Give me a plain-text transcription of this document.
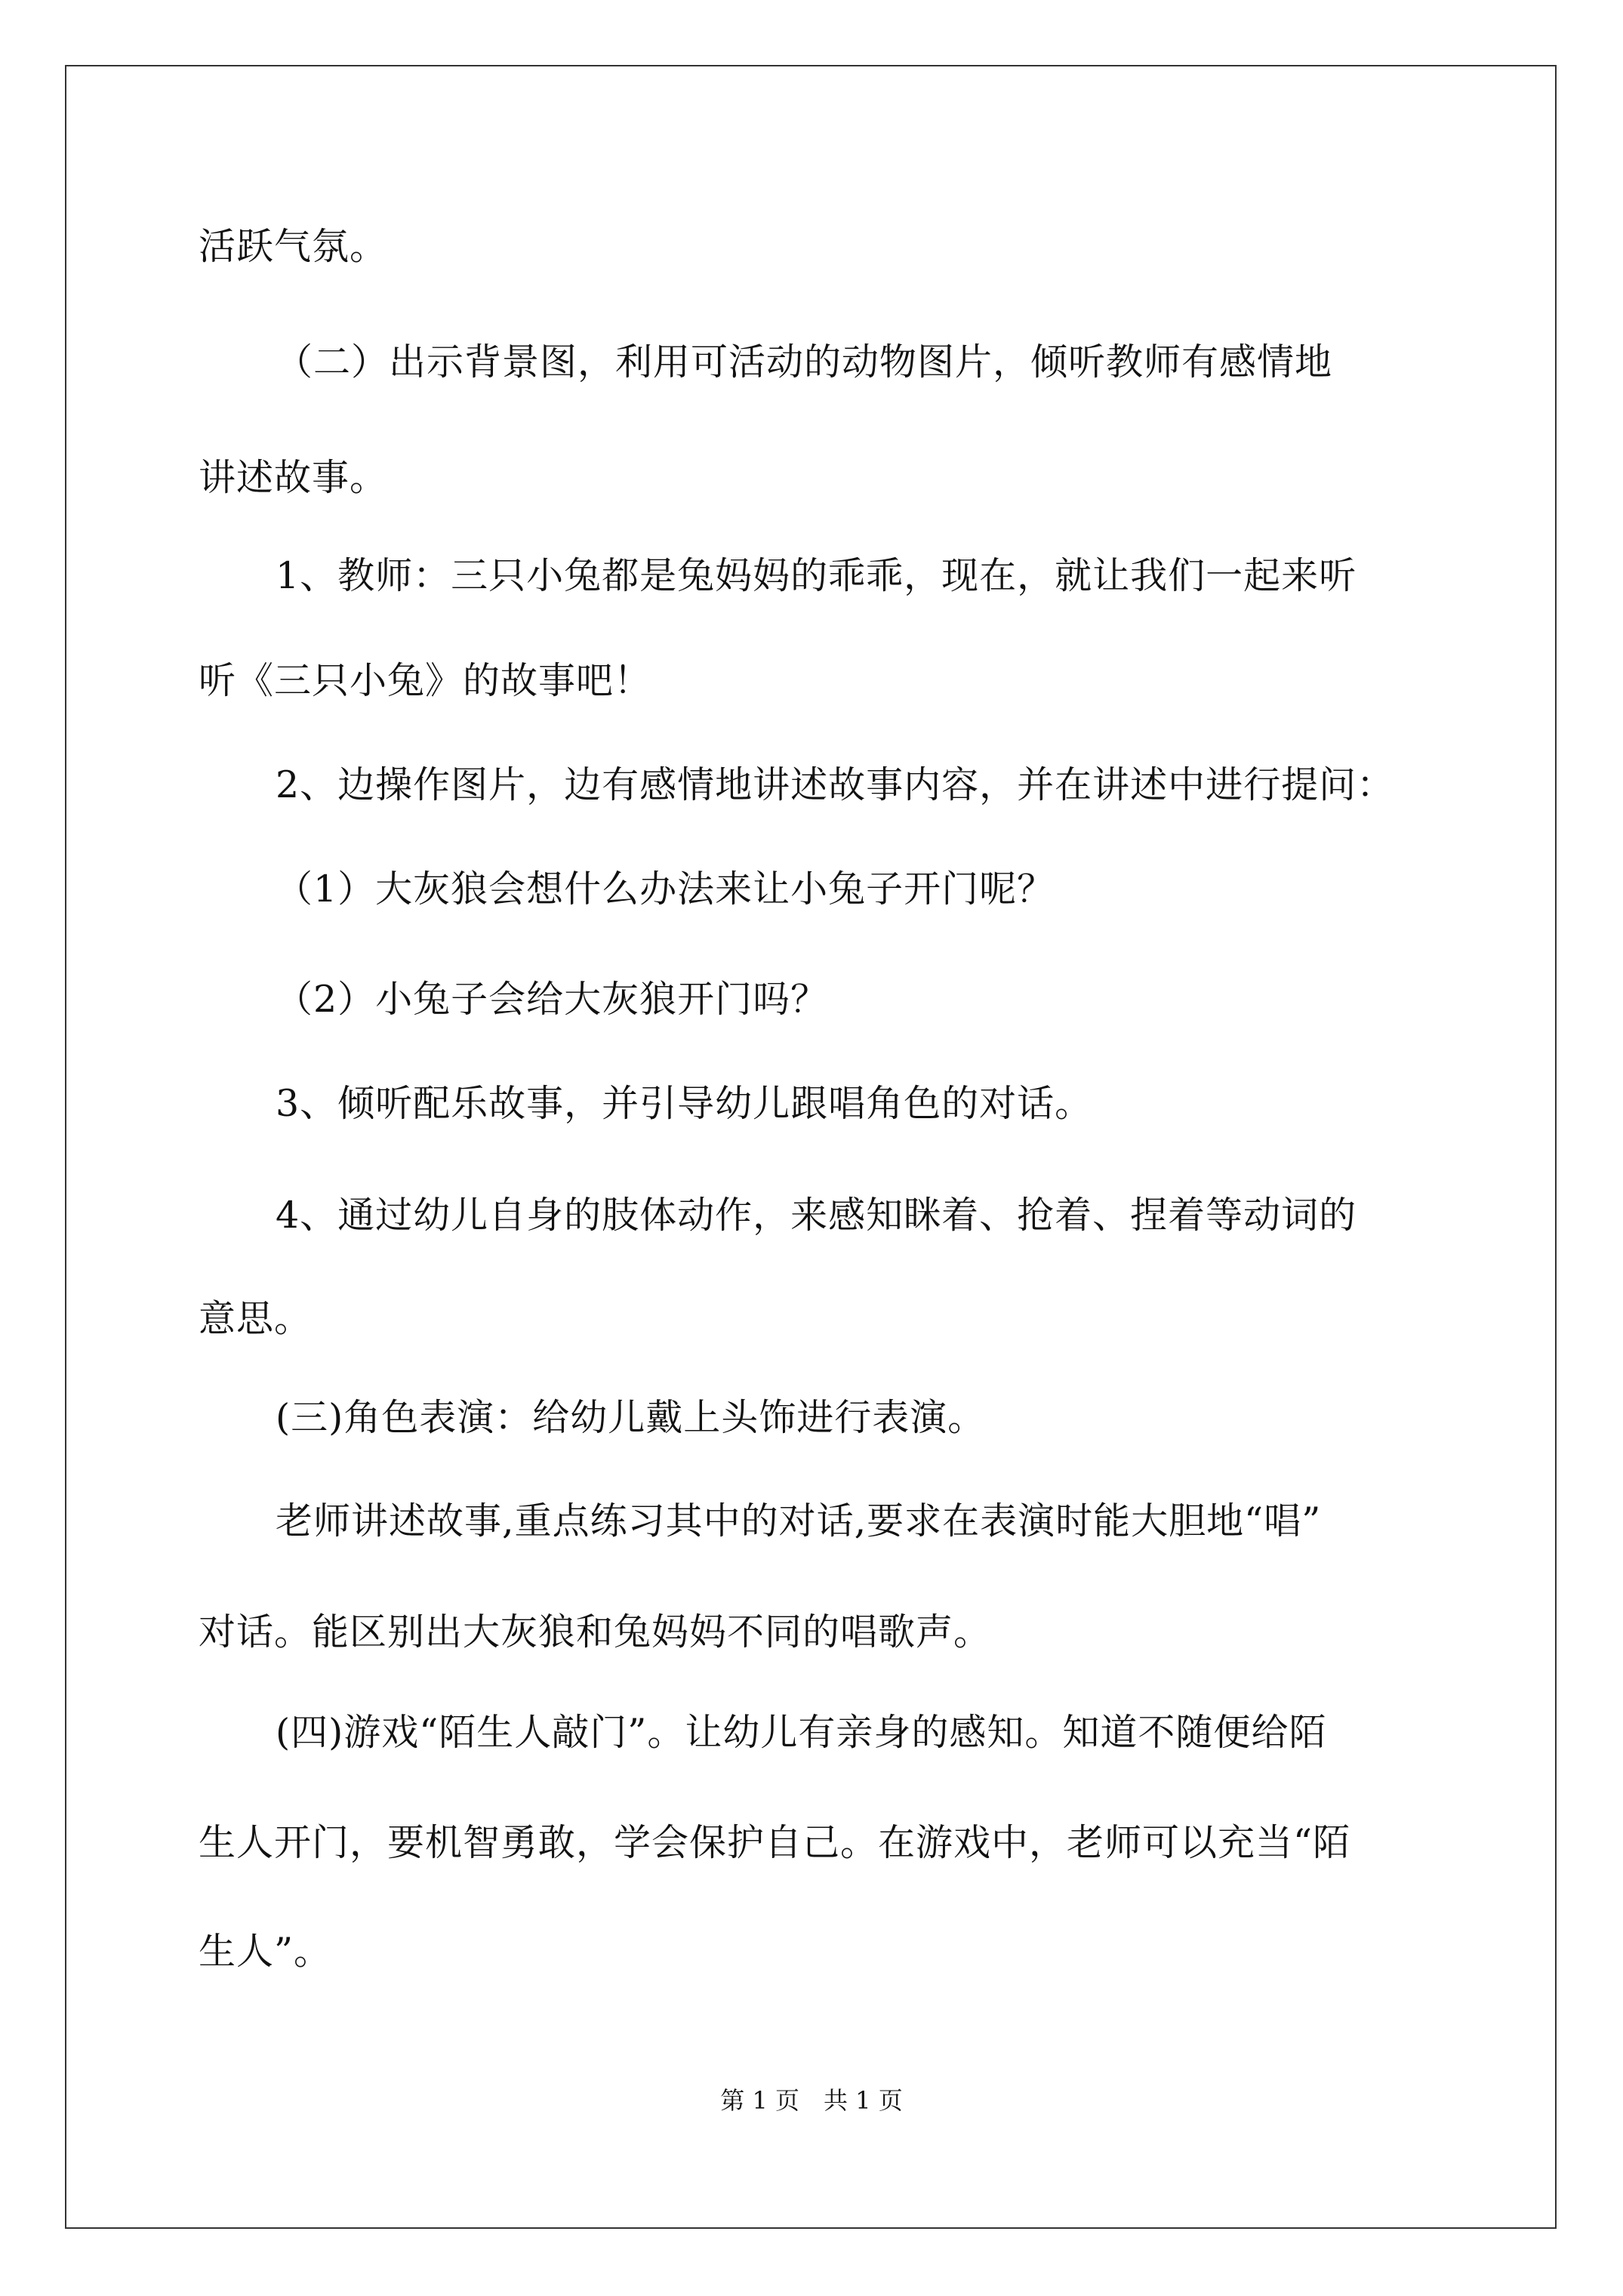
活跃气氛。
（二）出示背景图，利用可活动的动物图片，倾听教师有感情地
讲述故事。
1、教师：三只小兔都是兔妈妈的乖乖，现在，就让我们一起来听
听《三只小兔》的故事吧！
2、边操作图片，边有感情地讲述故事内容，并在讲述中进行提问：
（1）大灰狼会想什么办法来让小兔子开门呢？
（2）小兔子会给大灰狼开门吗？
3、倾听配乐故事，并引导幼儿跟唱角色的对话。
4、通过幼儿自身的肢体动作，来感知眯着、抢着、捏着等动词的
意思。
(三)角色表演：给幼儿戴上头饰进行表演。
老师讲述故事,重点练习其中的对话,要求在表演时能大胆地“唱”
对话。能区别出大灰狼和兔妈妈不同的唱歌声。
(四)游戏“陌生人敲门”。让幼儿有亲身的感知。知道不随便给陌
生人开门，要机智勇敢，学会保护自己。在游戏中，老师可以充当“陌
生人”。
第 1 页　共 1 页
